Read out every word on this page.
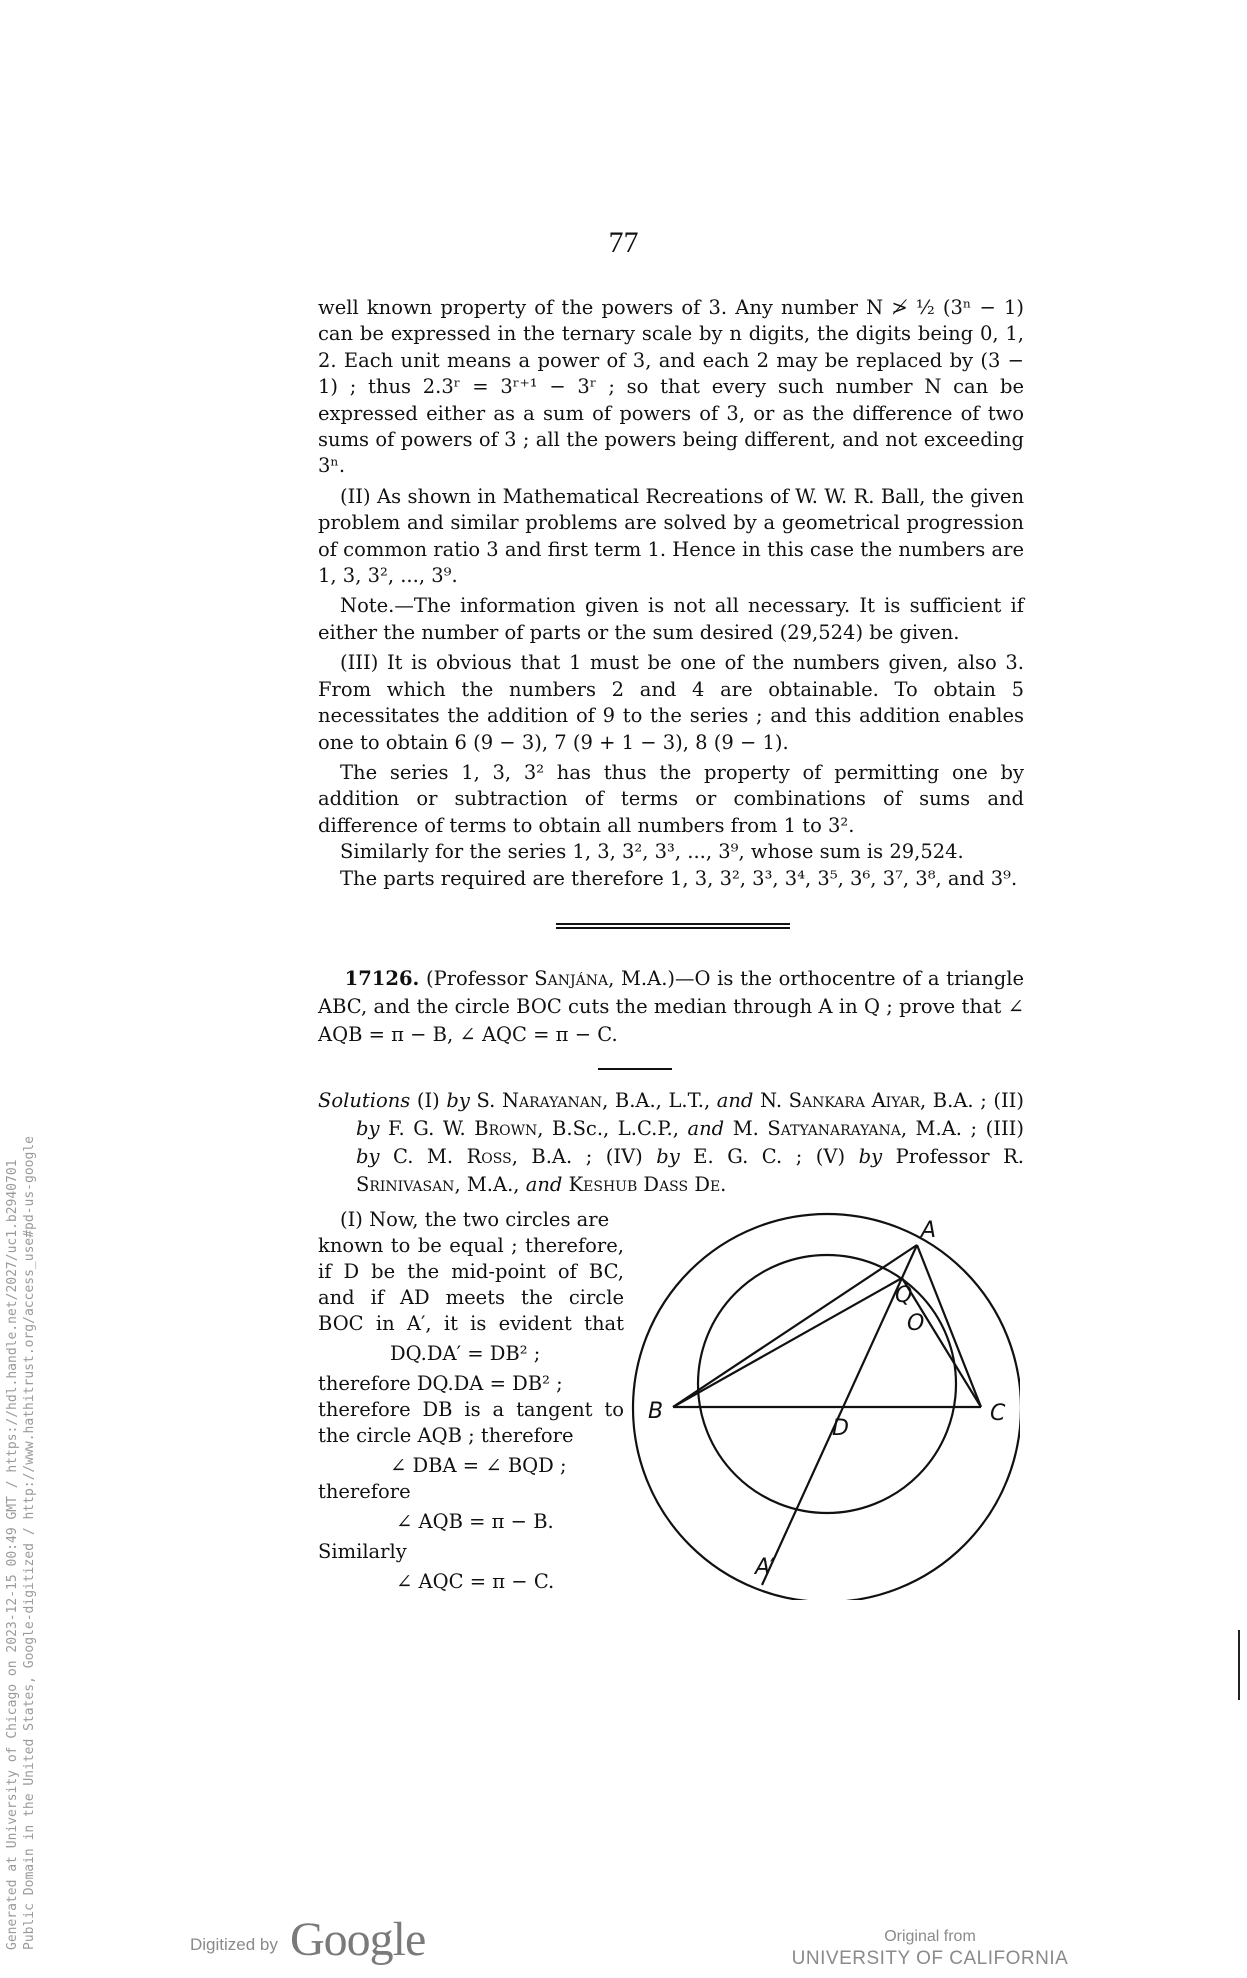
77

well known property of the powers of 3. Any number N ≯ ½ (3ⁿ − 1) can be expressed in the ternary scale by n digits, the digits being 0, 1, 2. Each unit means a power of 3, and each 2 may be replaced by (3 − 1) ; thus 2.3ʳ = 3ʳ⁺¹ − 3ʳ ; so that every such number N can be expressed either as a sum of powers of 3, or as the difference of two sums of powers of 3 ; all the powers being different, and not exceeding 3ⁿ.

(II) As shown in Mathematical Recreations of W. W. R. Ball, the given problem and similar problems are solved by a geometrical progression of common ratio 3 and first term 1. Hence in this case the numbers are 1, 3, 3², ..., 3⁹.

Note.—The information given is not all necessary. It is sufficient if either the number of parts or the sum desired (29,524) be given.

(III) It is obvious that 1 must be one of the numbers given, also 3. From which the numbers 2 and 4 are obtainable. To obtain 5 necessitates the addition of 9 to the series ; and this addition enables one to obtain 6 (9 − 3), 7 (9 + 1 − 3), 8 (9 − 1).

The series 1, 3, 3² has thus the property of permitting one by addition or subtraction of terms or combinations of sums and difference of terms to obtain all numbers from 1 to 3².

Similarly for the series 1, 3, 3², 3³, ..., 3⁹, whose sum is 29,524.

The parts required are therefore 1, 3, 3², 3³, 3⁴, 3⁵, 3⁶, 3⁷, 3⁸, and 3⁹.

17126. (Professor Sanjána, M.A.)—O is the orthocentre of a triangle ABC, and the circle BOC cuts the median through A in Q ; prove that ∠ AQB = π − B, ∠ AQC = π − C.
Solutions (I) by S. Narayanan, B.A., L.T., and N. Sankara Aiyar, B.A. ; (II) by F. G. W. Brown, B.Sc., L.C.P., and M. Satyanarayana, M.A. ; (III) by C. M. Ross, B.A. ; (IV) by E. G. C. ; (V) by Professor R. Srinivasan, M.A., and Keshub Dass De.
(I) Now, the two circles are
known to be equal ; therefore,
if D be the mid-point of BC,
and if AD meets the circle
BOC in A′, it is evident that
DQ.DA′ = DB² ;
therefore DQ.DA = DB² ;
therefore DB is a tangent to
the circle AQB ; therefore
∠ DBA = ∠ BQD ;
therefore
∠ AQB = π − B.
Similarly
∠ AQC = π − C.
A
Q
O
B	C
D
A′
Generated at University of Chicago on 2023-12-15 00:49 GMT / https://hdl.handle.net/2027/uc1.b2940701 Public Domain in the United States, Google-digitized / http://www.hathitrust.org/access_use#pd-us-google	Digitized by Google	Original from
UNIVERSITY OF CALIFORNIA
